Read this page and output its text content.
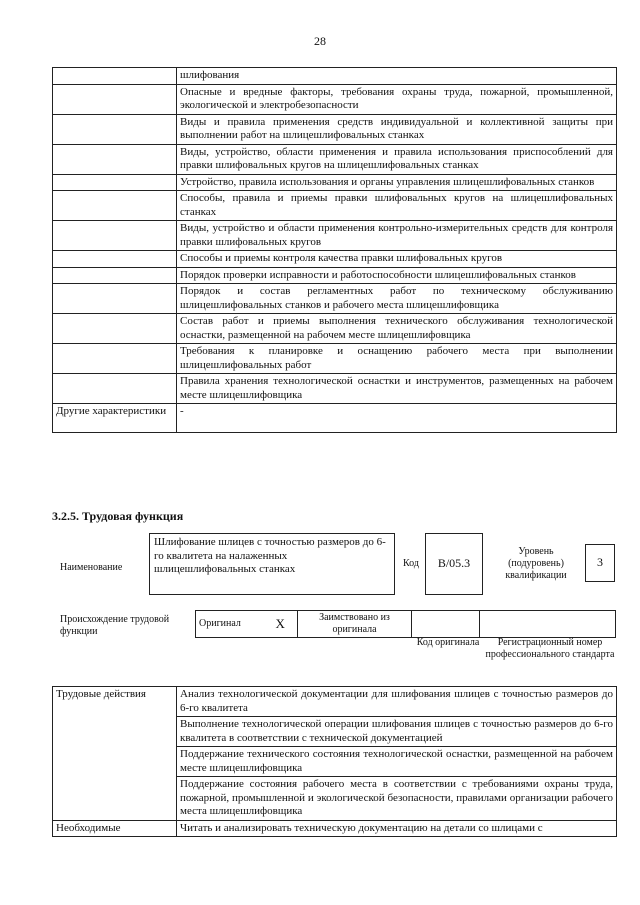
28
	шлифования
	Опасные и вредные факторы, требования охраны труда, пожарной, промышленной, экологической и электробезопасности
	Виды и правила применения средств индивидуальной и коллективной защиты при выполнении работ на шлицешлифовальных станках
	Виды, устройство, области применения и правила использования приспособлений для правки шлифовальных кругов на шлицешлифовальных станках
	Устройство, правила использования и органы управления шлицешлифовальных станков
	Способы, правила и приемы правки шлифовальных кругов на шлицешлифовальных станках
	Виды, устройство и области применения контрольно-измерительных средств для контроля правки шлифовальных кругов
	Способы и приемы контроля качества правки шлифовальных кругов
	Порядок проверки исправности и работоспособности шлицешлифовальных станков
	Порядок и состав регламентных работ по техническому обслуживанию шлицешлифовальных станков и рабочего места шлицешлифовщика
	Состав работ и приемы выполнения технического обслуживания технологической оснастки, размещенной на рабочем месте шлицешлифовщика
	Требования к планировке и оснащению рабочего места при выполнении шлицешлифовальных работ
	Правила хранения технологической оснастки и инструментов, размещенных на рабочем месте шлицешлифовщика
Другие характеристики	-
3.2.5. Трудовая функция
Наименование
Шлифование шлицев с точностью размеров до 6-го квалитета на налаженных шлицешлифовальных станках	Код	B/05.3
Уровень (подуровень) квалификации
3
Происхождение трудовой функции
Оригинал	X	Заимствовано из оригинала		
Код оригинала	Регистрационный номер профессионального стандарта
Трудовые действия	Анализ технологической документации для шлифования шлицев с точностью размеров до 6-го квалитета
	Выполнение технологической операции шлифования шлицев с точностью размеров до 6-го квалитета в соответствии с технической документацией
	Поддержание технического состояния технологической оснастки, размещенной на рабочем месте шлицешлифовщика
	Поддержание состояния рабочего места в соответствии с требованиями охраны труда, пожарной, промышленной и экологической безопасности, правилами организации рабочего места шлицешлифовщика
Необходимые	Читать и анализировать техническую документацию на детали со шлицами с
